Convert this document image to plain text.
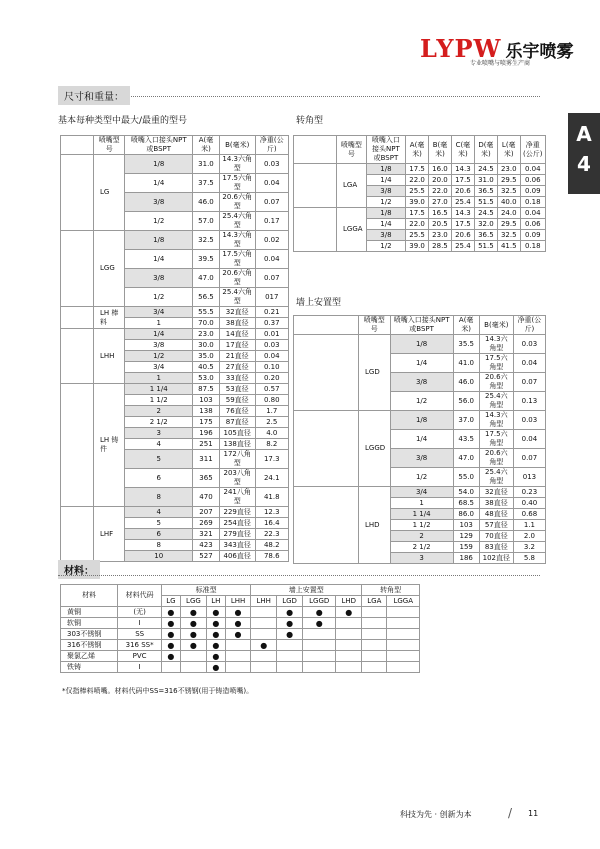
LYPW 乐宇喷雾
专业喷嘴与喷雾生产商
尺寸和重量：
A
4
基本每种类型中最大/最重的型号	转角型
墙上安置型
	喷嘴型号	喷嘴入口接头NPT或BSPT	A(毫米)	B(毫米)	净重(公斤)
	LG	1/8	31.0	14.3六角型	0.03
		1/4	37.5	17.5六角型	0.04
		3/8	46.0	20.6六角型	0.07
		1/2	57.0	25.4六角型	0.17
	LGG	1/8	32.5	14.3六角型	0.02
		1/4	39.5	17.5六角型	0.04
		3/8	47.0	20.6六角型	0.07
		1/2	56.5	25.4六角型	017
	LH 棒料	3/4	55.5	32直径	0.21
		1	70.0	38直径	0.37
	LHH	1/4	23.0	14直径	0.01
		3/8	30.0	17直径	0.03
		1/2	35.0	21直径	0.04
		3/4	40.5	27直径	0.10
		1	53.0	33直径	0.20
	LH 铸件	1 1/4	87.5	53直径	0.57
		1 1/2	103	59直径	0.80
		2	138	76直径	1.7
		2 1/2	175	87直径	2.5
		3	196	105直径	4.0
		4	251	138直径	8.2
		5	311	172八角型	17.3
		6	365	203八角型	24.1
		8	470	241八角型	41.8
	LHF	4	207	229直径	12.3
		5	269	254直径	16.4
		6	321	279直径	22.3
		8	423	343直径	48.2
		10	527	406直径	78.6
	喷嘴型号	喷嘴入口接头NPT或BSPT	A(毫米)	B(毫米)	C(毫米)	D(毫米)	L(毫米)	净重(公斤)
	LGA	1/8	17.5	16.0	14.3	24.5	23.0	0.04
		1/4	22.0	20.0	17.5	31.0	29.5	0.06
		3/8	25.5	22.0	20.6	36.5	32.5	0.09
		1/2	39.0	27.0	25.4	51.5	40.0	0.18
	LGGA	1/8	17.5	16.5	14.3	24.5	24.0	0.04
		1/4	22.0	20.5	17.5	32.0	29.5	0.06
		3/8	25.5	23.0	20.6	36.5	32.5	0.09
		1/2	39.0	28.5	25.4	51.5	41.5	0.18
	喷嘴型号	喷嘴入口接头NPT或BSPT	A(毫米)	B(毫米)	净重(公斤)
	LGD	1/8	35.5	14.3六角型	0.03
		1/4	41.0	17.5六角型	0.04
		3/8	46.0	20.6六角型	0.07
		1/2	56.0	25.4六角型	0.13
	LGGD	1/8	37.0	14.3六角型	0.03
		1/4	43.5	17.5六角型	0.04
		3/8	47.0	20.6六角型	0.07
		1/2	55.0	25.4六角型	013
	LHD	3/4	54.0	32直径	0.23
		1	68.5	38直径	0.40
		1 1/4	86.0	48直径	0.68
		1 1/2	103	57直径	1.1
		2	129	70直径	2.0
		2 1/2	159	83直径	3.2
		3	186	102直径	5.8
材料：
材料	材料代码	标准型				墙上安置型				转角型	
		LG	LGG	LH	LHH	LHH	LGD	LGGD	LHD	LGA	LGGA
黄铜	(无)	●	●	●	●		●	●	●		
软铜	I	●	●	●	●		●	●			
303不锈钢	SS	●	●	●	●		●				
316不锈钢	316 SS*	●	●	●		●					
聚氯乙烯	PVC	●		●							
铁铸	I			●							
*仅指棒料喷嘴。材料代码中SS=316不锈钢(用于铸造喷嘴)。
科技为先 · 创新为本	/ 11
